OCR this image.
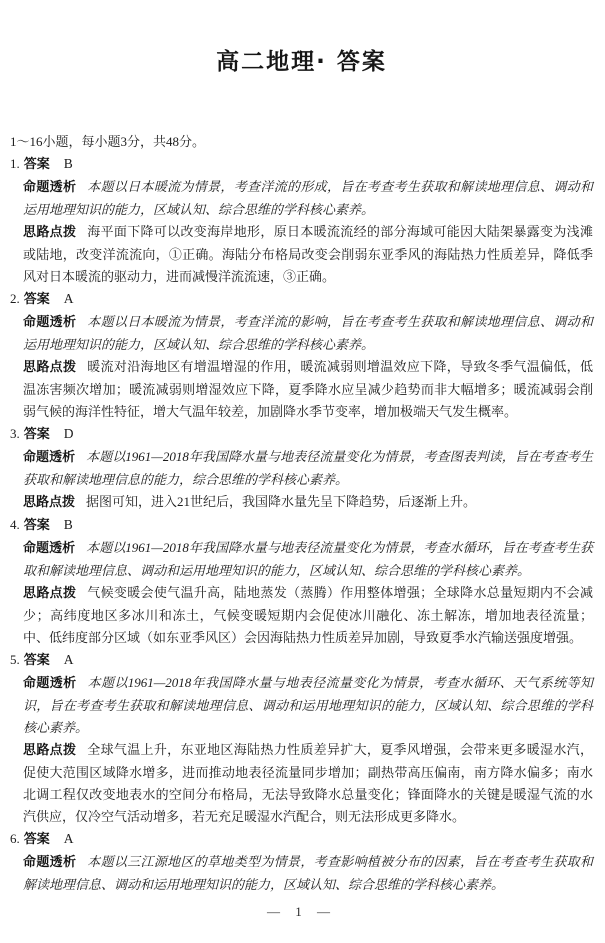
高二地理· 答案
1～16小题，每小题3分，共48分。
1. 答案 B

命题透析 本题以日本暖流为情景，考查洋流的形成，旨在考查考生获取和解读地理信息、调动和运用地理知识的能力，区域认知、综合思维的学科核心素养。

思路点拨 海平面下降可以改变海岸地形，原日本暖流流经的部分海域可能因大陆架暴露变为浅滩或陆地，改变洋流流向，①正确。海陆分布格局改变会削弱东亚季风的海陆热力性质差异，降低季风对日本暖流的驱动力，进而减慢洋流流速，③正确。

2. 答案 A

命题透析 本题以日本暖流为情景，考查洋流的影响，旨在考查考生获取和解读地理信息、调动和运用地理知识的能力，区域认知、综合思维的学科核心素养。

思路点拨 暖流对沿海地区有增温增湿的作用，暖流减弱则增温效应下降，导致冬季气温偏低，低温冻害频次增加；暖流减弱则增湿效应下降，夏季降水应呈减少趋势而非大幅增多；暖流减弱会削弱气候的海洋性特征，增大气温年较差，加剧降水季节变率，增加极端天气发生概率。

3. 答案 D

命题透析 本题以1961—2018年我国降水量与地表径流量变化为情景，考查图表判读，旨在考查考生获取和解读地理信息的能力，综合思维的学科核心素养。

思路点拨 据图可知，进入21世纪后，我国降水量先呈下降趋势，后逐渐上升。

4. 答案 B

命题透析 本题以1961—2018年我国降水量与地表径流量变化为情景，考查水循环，旨在考查考生获取和解读地理信息、调动和运用地理知识的能力，区域认知、综合思维的学科核心素养。

思路点拨 气候变暖会使气温升高，陆地蒸发（蒸腾）作用整体增强；全球降水总量短期内不会减少；高纬度地区多冰川和冻土，气候变暖短期内会促使冰川融化、冻土解冻，增加地表径流量；中、低纬度部分区域（如东亚季风区）会因海陆热力性质差异加剧，导致夏季水汽输送强度增强。

5. 答案 A

命题透析 本题以1961—2018年我国降水量与地表径流量变化为情景，考查水循环、天气系统等知识，旨在考查考生获取和解读地理信息、调动和运用地理知识的能力，区域认知、综合思维的学科核心素养。

思路点拨 全球气温上升，东亚地区海陆热力性质差异扩大，夏季风增强，会带来更多暖湿水汽，促使大范围区域降水增多，进而推动地表径流量同步增加；副热带高压偏南，南方降水偏多；南水北调工程仅改变地表水的空间分布格局，无法导致降水总量变化；锋面降水的关键是暖湿气流的水汽供应，仅冷空气活动增多，若无充足暖湿水汽配合，则无法形成更多降水。

6. 答案 A

命题透析 本题以三江源地区的草地类型为情景，考查影响植被分布的因素，旨在考查考生获取和解读地理信息、调动和运用地理知识的能力，区域认知、综合思维的学科核心素养。

— 1 —
